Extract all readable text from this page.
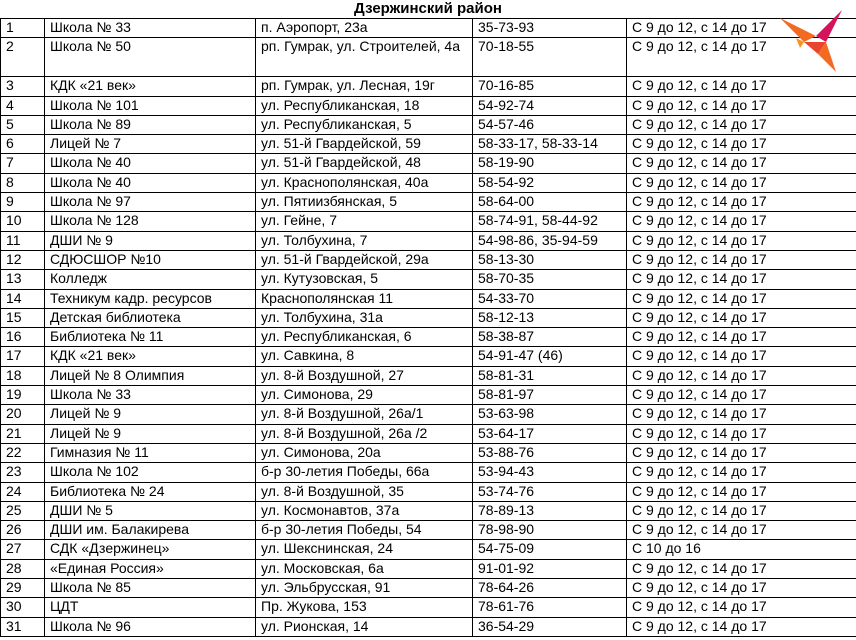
Дзержинский район
1	Школа № 33	п. Аэропорт, 23а	35-73-93	С 9 до 12, с 14 до 17
2	Школа № 50	рп. Гумрак, ул. Строителей, 4а	70-18-55	С 9 до 12, с 14 до 17
3	КДК «21 век»	рп. Гумрак, ул. Лесная, 19г	70-16-85	С 9 до 12, с 14 до 17
4	Школа № 101	ул. Республиканская, 18	54-92-74	С 9 до 12, с 14 до 17
5	Школа № 89	ул. Республиканская, 5	54-57-46	С 9 до 12, с 14 до 17
6	Лицей № 7	ул. 51-й Гвардейской, 59	58-33-17, 58-33-14	С 9 до 12, с 14 до 17
7	Школа № 40	ул. 51-й Гвардейской, 48	58-19-90	С 9 до 12, с 14 до 17
8	Школа № 40	ул. Краснополянская, 40а	58-54-92	С 9 до 12, с 14 до 17
9	Школа № 97	ул. Пятиизбянская, 5	58-64-00	С 9 до 12, с 14 до 17
10	Школа № 128	ул. Гейне, 7	58-74-91, 58-44-92	С 9 до 12, с 14 до 17
11	ДШИ № 9	ул. Толбухина, 7	54-98-86, 35-94-59	С 9 до 12, с 14 до 17
12	СДЮСШОР №10	ул. 51-й Гвардейской, 29а	58-13-30	С 9 до 12, с 14 до 17
13	Колледж	ул. Кутузовская, 5	58-70-35	С 9 до 12, с 14 до 17
14	Техникум кадр. ресурсов	Краснополянская 11	54-33-70	С 9 до 12, с 14 до 17
15	Детская библиотека	ул. Толбухина, 31а	58-12-13	С 9 до 12, с 14 до 17
16	Библиотека № 11	ул. Республиканская, 6	58-38-87	С 9 до 12, с 14 до 17
17	КДК «21 век»	ул. Савкина, 8	54-91-47 (46)	С 9 до 12, с 14 до 17
18	Лицей № 8 Олимпия	ул. 8-й Воздушной, 27	58-81-31	С 9 до 12, с 14 до 17
19	Школа № 33	ул. Симонова, 29	58-81-97	С 9 до 12, с 14 до 17
20	Лицей № 9	ул. 8-й Воздушной, 26а/1	53-63-98	С 9 до 12, с 14 до 17
21	Лицей № 9	ул. 8-й Воздушной, 26а /2	53-64-17	С 9 до 12, с 14 до 17
22	Гимназия № 11	ул. Симонова, 20а	53-88-76	С 9 до 12, с 14 до 17
23	Школа № 102	б-р 30-летия Победы, 66а	53-94-43	С 9 до 12, с 14 до 17
24	Библиотека № 24	ул. 8-й Воздушной, 35	53-74-76	С 9 до 12, с 14 до 17
25	ДШИ № 5	ул. Космонавтов, 37а	78-89-13	С 9 до 12, с 14 до 17
26	ДШИ им. Балакирева	б-р 30-летия Победы, 54	78-98-90	С 9 до 12, с 14 до 17
27	СДК «Дзержинец»	ул. Шекснинская, 24	54-75-09	С 10 до 16
28	«Единая Россия»	ул. Московская, 6а	91-01-92	С 9 до 12, с 14 до 17
29	Школа № 85	ул. Эльбрусская, 91	78-64-26	С 9 до 12, с 14 до 17
30	ЦДТ	Пр. Жукова, 153	78-61-76	С 9 до 12, с 14 до 17
31	Школа № 96	ул. Рионская, 14	36-54-29	С 9 до 12, с 14 до 17
